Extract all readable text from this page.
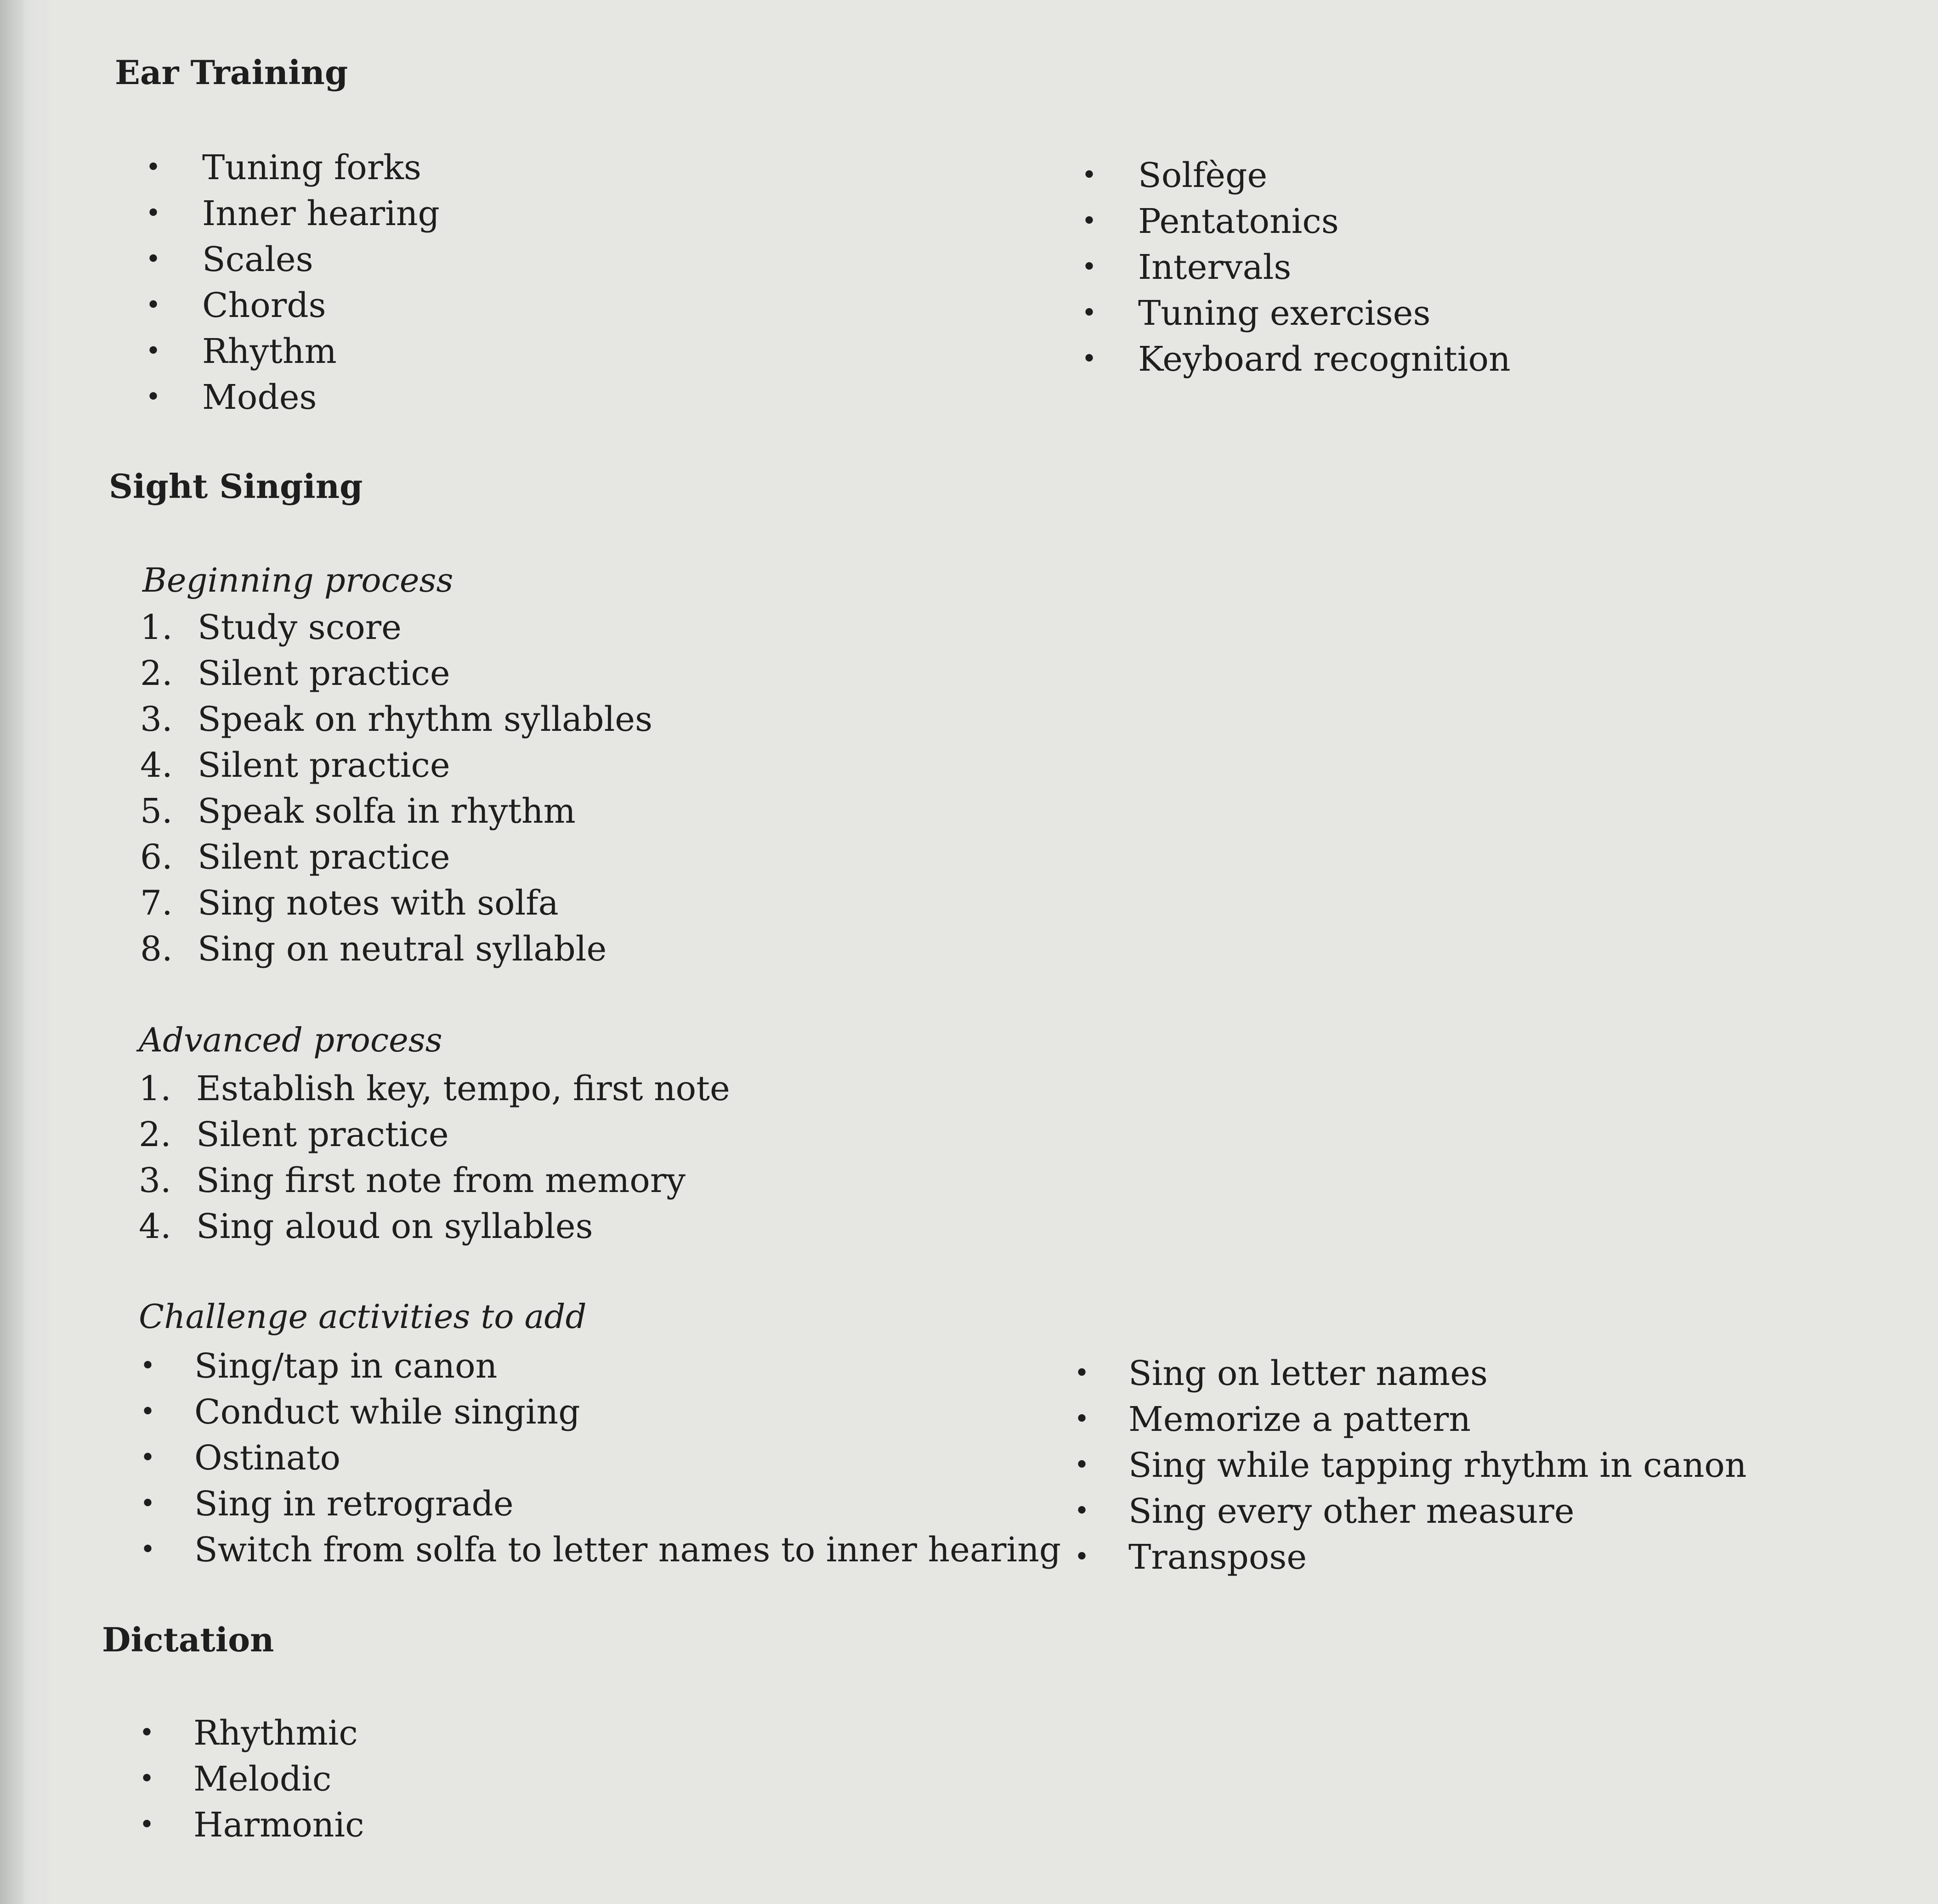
Ear Training
• Tuning forks
• Inner hearing
• Scales
• Chords
• Rhythm
• Modes
• Solfège
• Pentatonics
• Intervals
• Tuning exercises
• Keyboard recognition
Sight Singing
Beginning process
1. Study score
2. Silent practice
3. Speak on rhythm syllables
4. Silent practice
5. Speak solfa in rhythm
6. Silent practice
7. Sing notes with solfa
8. Sing on neutral syllable
Advanced process
1. Establish key, tempo, first note
2. Silent practice
3. Sing first note from memory
4. Sing aloud on syllables
Challenge activities to add
• Sing/tap in canon
• Conduct while singing
• Ostinato
• Sing in retrograde
• Switch from solfa to letter names to inner hearing
• Sing on letter names
• Memorize a pattern
• Sing while tapping rhythm in canon
• Sing every other measure
• Transpose
Dictation
• Rhythmic
• Melodic
• Harmonic
